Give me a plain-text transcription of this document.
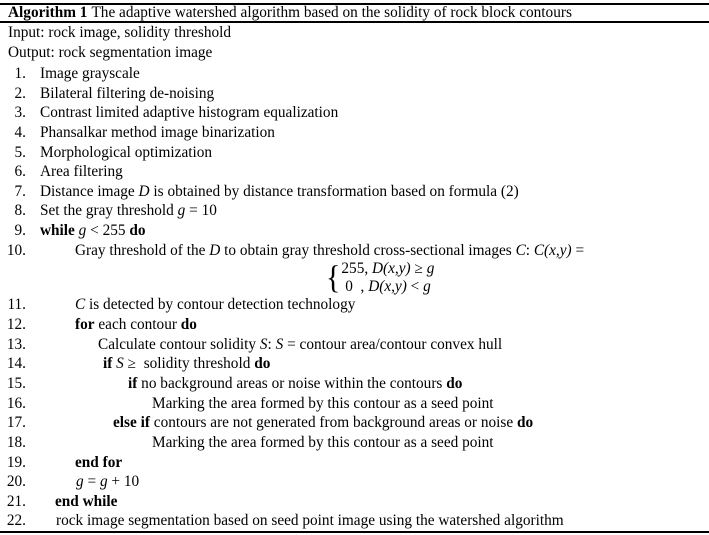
Algorithm 1 The adaptive watershed algorithm based on the solidity of rock block contours
Input: rock image, solidity threshold
Output: rock segmentation image
1. Image grayscale
2. Bilateral filtering de-noising
3. Contrast limited adaptive histogram equalization
4. Phansalkar method image binarization
5. Morphological optimization
6. Area filtering
7. Distance image D is obtained by distance transformation based on formula (2)
8. Set the gray threshold g = 10
9. while g < 255 do
10.	Gray threshold of the D to obtain gray threshold cross-sectional images C: C(x,y) =
{ 255, D(x,y) ≥ g
0  , D(x,y) < g
11.	C is detected by contour detection technology
12.	for each contour do
13.	Calculate contour solidity S: S = contour area/contour convex hull
14.	if S ≥  solidity threshold do
15.	if no background areas or noise within the contours do
16.	Marking the area formed by this contour as a seed point
17.	else if contours are not generated from background areas or noise do
18.	Marking the area formed by this contour as a seed point
19.	end for
20.	g = g + 10
21. end while
22. rock image segmentation based on seed point image using the watershed algorithm
